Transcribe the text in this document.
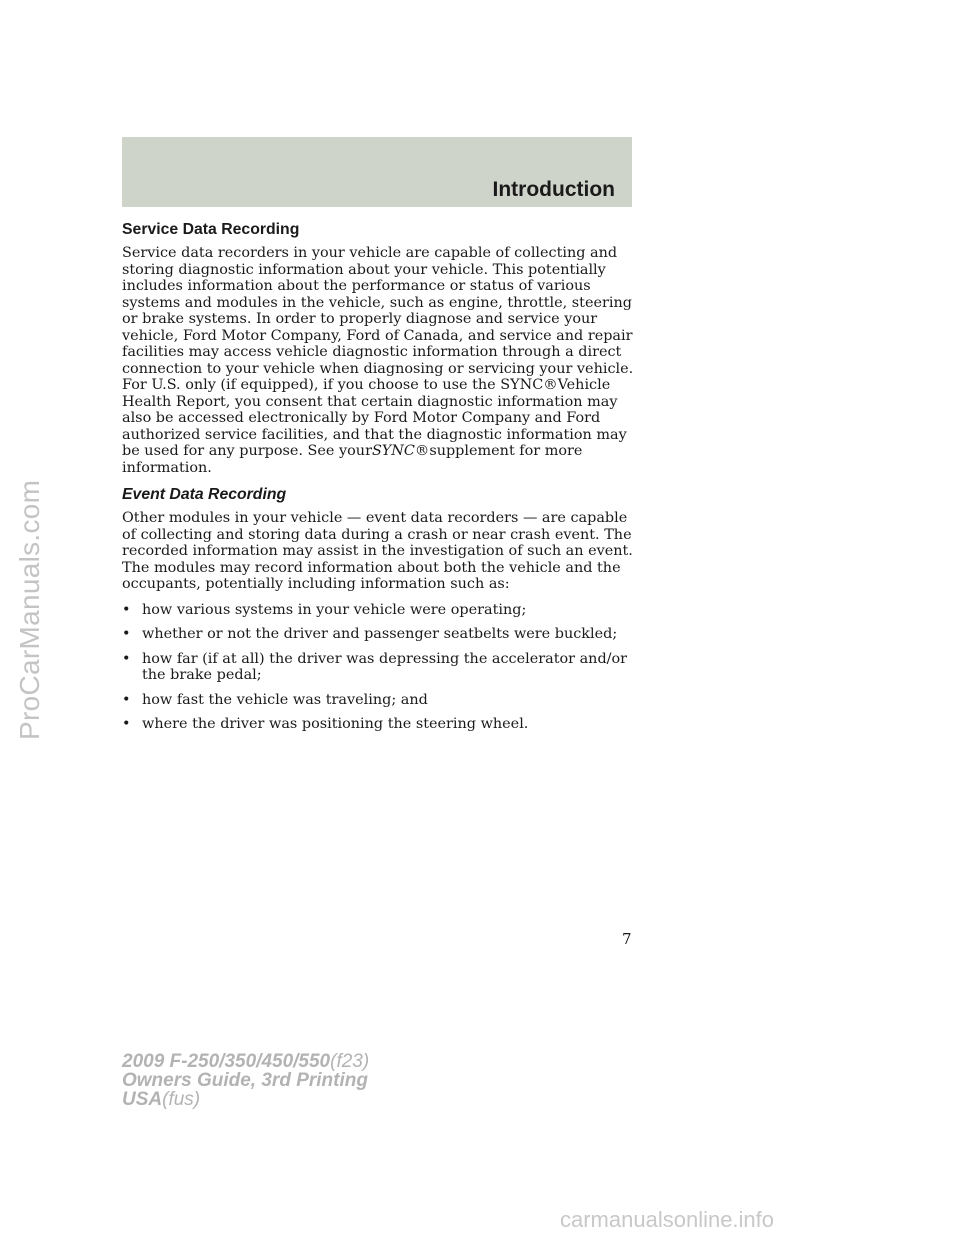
Introduction
ProCarManuals.com
Service Data Recording

Service data recorders in your vehicle are capable of collecting and storing diagnostic information about your vehicle. This potentially includes information about the performance or status of various systems and modules in the vehicle, such as engine, throttle, steering or brake systems. In order to properly diagnose and service your vehicle, Ford Motor Company, Ford of Canada, and service and repair facilities may access vehicle diagnostic information through a direct connection to your vehicle when diagnosing or servicing your vehicle. For U.S. only (if equipped), if you choose to use the SYNC®Vehicle Health Report, you consent that certain diagnostic information may also be accessed electronically by Ford Motor Company and Ford authorized service facilities, and that the diagnostic information may be used for any purpose. See yourSYNC®supplement for more information.

Event Data Recording

Other modules in your vehicle — event data recorders — are capable of collecting and storing data during a crash or near crash event. The recorded information may assist in the investigation of such an event. The modules may record information about both the vehicle and the occupants, potentially including information such as:

• how various systems in your vehicle were operating;
• whether or not the driver and passenger seatbelts were buckled;
• how far (if at all) the driver was depressing the accelerator and/or the brake pedal;
• how fast the vehicle was traveling; and
• where the driver was positioning the steering wheel.
7
2009 F-250/350/450/550(f23)
Owners Guide, 3rd Printing
USA(fus)
carmanualsonline.info
